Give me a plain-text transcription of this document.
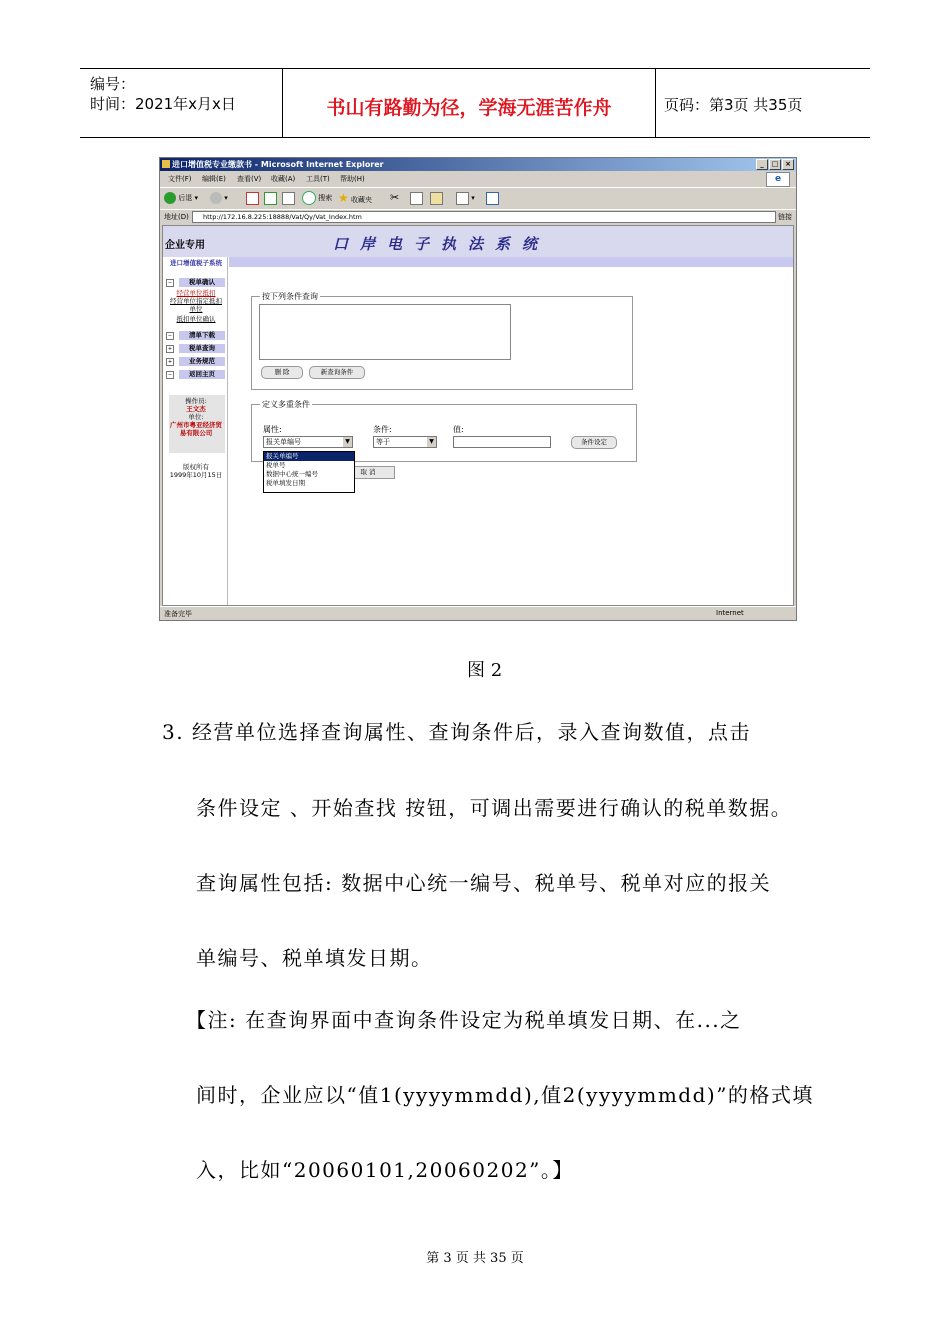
编号：
时间：2021年x月x日	书山有路勤为径，学海无涯苦作舟	页码：第3页 共35页
进口增值税专业缴款书 - Microsoft Internet Explorer	_ □ ×
文件(F) 编辑(E) 查看(V) 收藏(A) 工具(T) 帮助(H)	e
后退 ▾	▾	搜索 ★ 收藏夹 ✂	▾
地址(D)	http://172.16.8.225:18888/Vat/Qy/Vat_Index.htm	链接
企业专用	口岸电子执法系统
进口增值税子系统
−	税单确认
经营单位抵扣
经营单位指定抵扣单位
抵扣单位确认
−	清单下载
+	税单查询
+	业务规范
−	返回主页
操作员:
王文杰
单位:
广州市粤亚经济贸易有限公司
版权所有
1999年10月15日
按下列条件查询
删 除	新查询条件
定义多重条件
属性:
报关单编号	▼
条件:
等于	▼
值:
条件设定
取 消
报关单编号
税单号
数据中心统一编号
税单填发日期
准备完毕	Internet
图 2
3. 经营单位选择查询属性、查询条件后，录入查询数值，点击
条件设定 、开始查找 按钮，可调出需要进行确认的税单数据。
查询属性包括: 数据中心统一编号、税单号、税单对应的报关
单编号、税单填发日期。
【注: 在查询界面中查询条件设定为税单填发日期、在...之
间时，企业应以“值1(yyyymmdd),值2(yyyymmdd)”的格式填
入，比如“20060101,20060202”。】
第 3 页 共 35 页
